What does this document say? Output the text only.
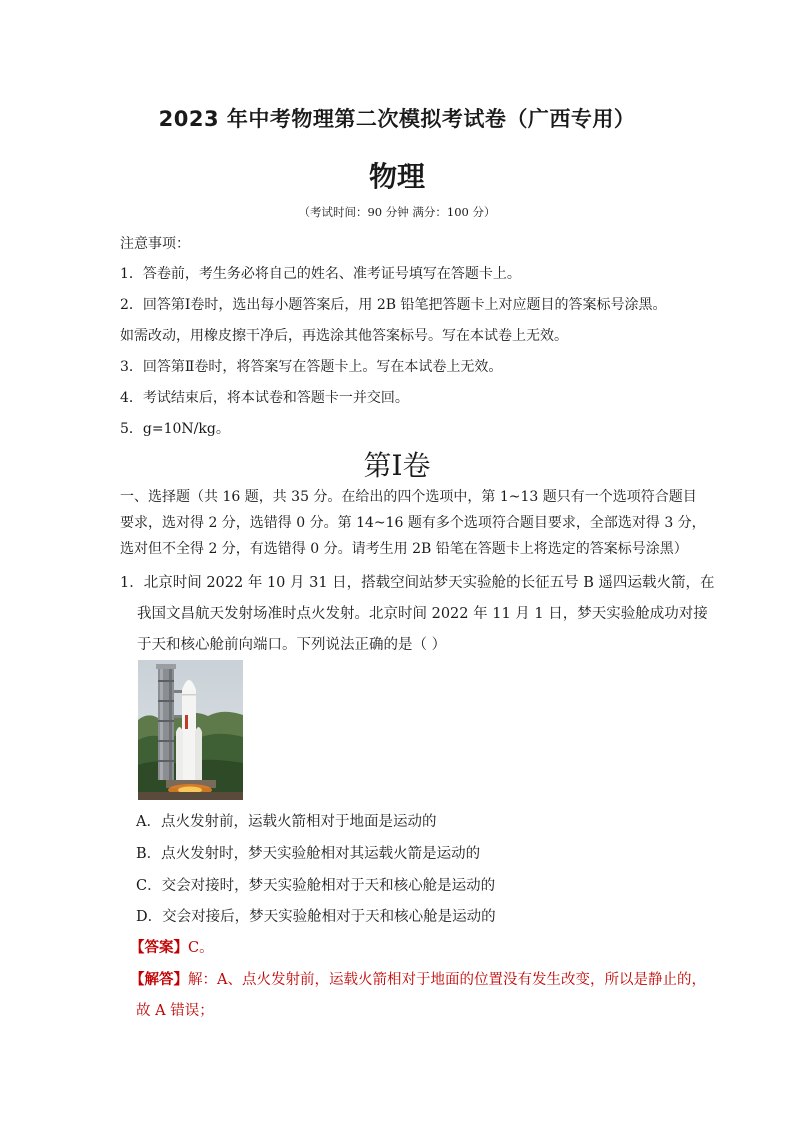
2023 年中考物理第二次模拟考试卷（广西专用）
物理
（考试时间：90 分钟 满分：100 分）
注意事项：
1．答卷前，考生务必将自己的姓名、准考证号填写在答题卡上。
2．回答第Ⅰ卷时，选出每小题答案后，用 2B 铅笔把答题卡上对应题目的答案标号涂黑。
如需改动，用橡皮擦干净后，再选涂其他答案标号。写在本试卷上无效。
3．回答第Ⅱ卷时，将答案写在答题卡上。写在本试卷上无效。
4．考试结束后，将本试卷和答题卡一并交回。
5．g=10N/kg。
第Ⅰ卷
一、选择题（共 16 题，共 35 分。在给出的四个选项中，第 1~13 题只有一个选项符合题目
要求，选对得 2 分，选错得 0 分。第 14~16 题有多个选项符合题目要求，全部选对得 3 分，
选对但不全得 2 分，有选错得 0 分。请考生用 2B 铅笔在答题卡上将选定的答案标号涂黑）
1．北京时间 2022 年 10 月 31 日，搭载空间站梦天实验舱的长征五号 B 遥四运载火箭，在
我国文昌航天发射场准时点火发射。北京时间 2022 年 11 月 1 日，梦天实验舱成功对接
于天和核心舱前向端口。下列说法正确的是（ ）
A．点火发射前，运载火箭相对于地面是运动的
B．点火发射时，梦天实验舱相对其运载火箭是运动的
C．交会对接时，梦天实验舱相对于天和核心舱是运动的
D．交会对接后，梦天实验舱相对于天和核心舱是运动的
【答案】C。
【解答】解：A、点火发射前，运载火箭相对于地面的位置没有发生改变，所以是静止的，
故 A 错误；
